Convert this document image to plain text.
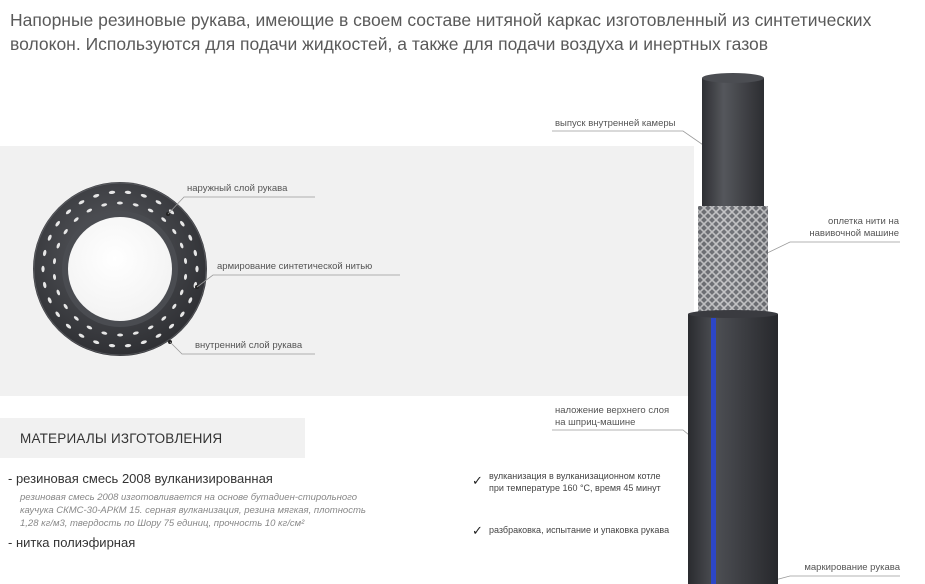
Напорные резиновые рукава, имеющие в своем составе нитяной каркас изготовленный из синтетических волокон. Используются для подачи жидкостей, а также для подачи воздуха и инертных газов

наружный слой рукава
армирование синтетической нитью
внутренний слой рукава
выпуск внутренней камеры
оплетка нити на
навивочной машине
наложение верхнего слоя
на шприц-машине
маркирование рукава
✓ вулканизация в вулканизационном котле
при температуре 160 °С, время 45 минут
✓ разбраковка, испытание и упаковка рукава
МАТЕРИАЛЫ ИЗГОТОВЛЕНИЯ
- резиновая смесь 2008 вулканизированная
резиновая смесь 2008 изготовливается на основе бутадиен-стирольного
каучука СКМС-30-АРКМ 15. серная вулканизация, резина мягкая, плотность
1,28 кг/м3, твердость по Шору 75 единиц, прочность 10 кг/см²
- нитка полиэфирная
